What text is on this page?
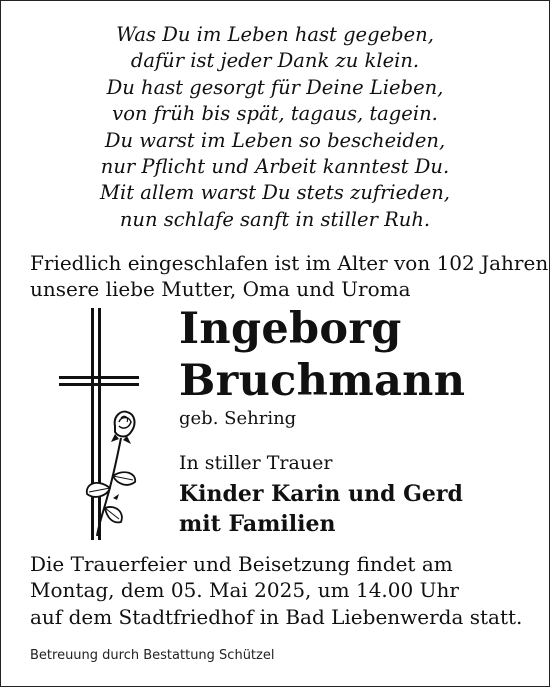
Was Du im Leben hast gegeben,
dafür ist jeder Dank zu klein.
Du hast gesorgt für Deine Lieben,
von früh bis spät, tagaus, tagein.
Du warst im Leben so bescheiden,
nur Pflicht und Arbeit kanntest Du.
Mit allem warst Du stets zufrieden,
nun schlafe sanft in stiller Ruh.
Friedlich eingeschlafen ist im Alter von 102 Jahren
unsere liebe Mutter, Oma und Uroma
Ingeborg
Bruchmann
geb. Sehring
In stiller Trauer
Kinder Karin und Gerd
mit Familien
Die Trauerfeier und Beisetzung findet am
Montag, dem 05. Mai 2025, um 14.00 Uhr
auf dem Stadtfriedhof in Bad Liebenwerda statt.
Betreuung durch Bestattung Schützel
